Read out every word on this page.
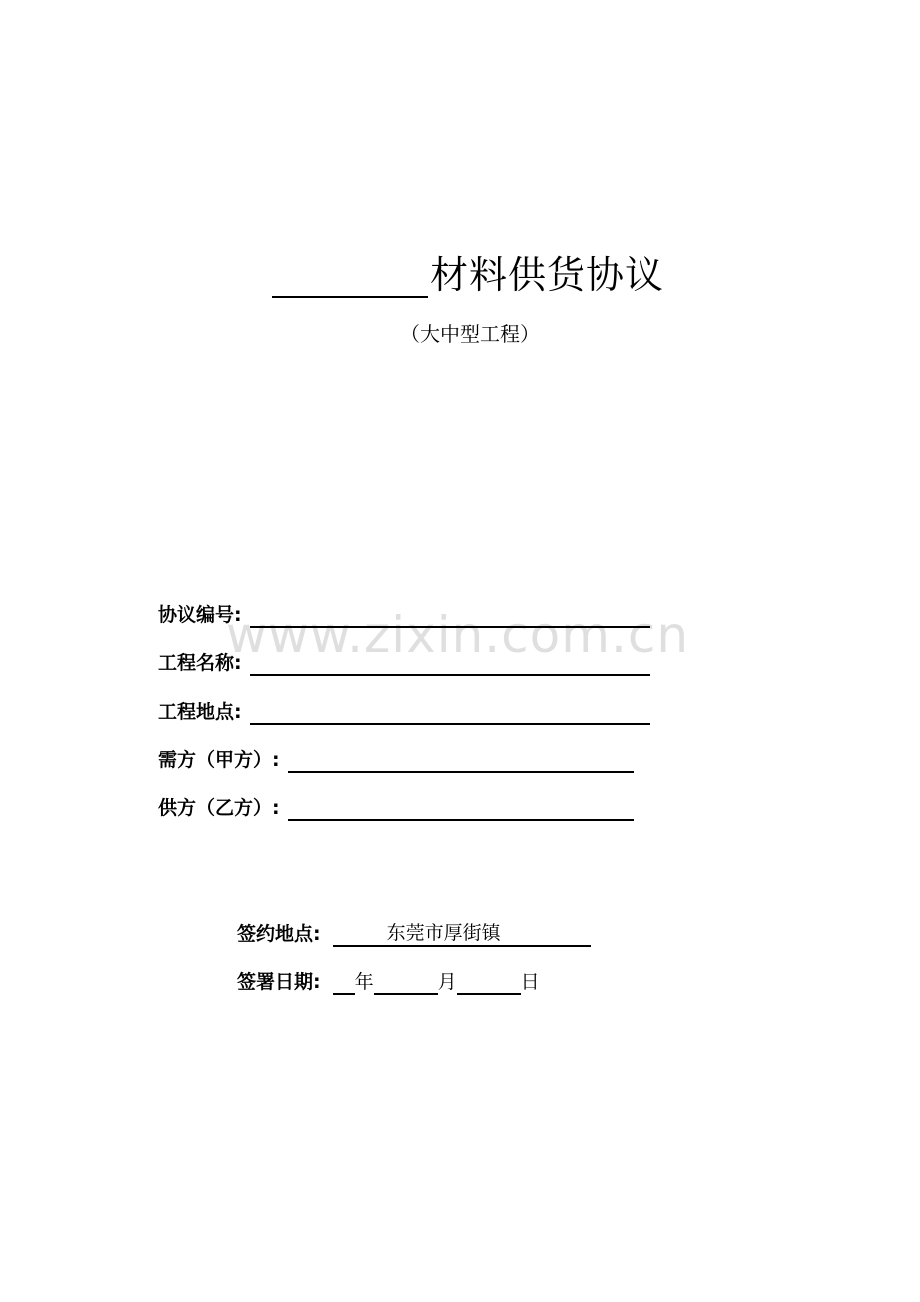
材料供货协议
（大中型工程）
www.zixin.com.cn
协议编号:
工程名称:
工程地点:
需方（甲方）:
供方（乙方）:
签约地点:	东莞市厚街镇
签署日期: 年	月	日
